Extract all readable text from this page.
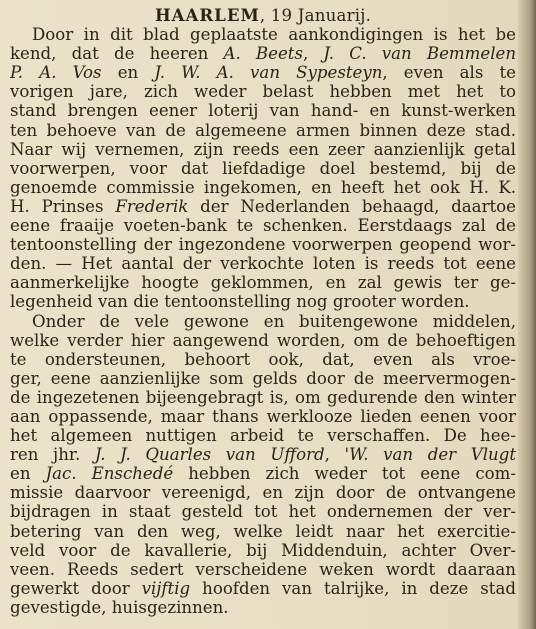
HAARLEM, 19 Januarij.
Door in dit blad geplaatste aankondigingen is het be
kend, dat de heeren A. Beets, J. C. van Bemmelen
P. A. Vos en J. W. A. van Sypesteyn, even als te
vorigen jare, zich weder belast hebben met het to
stand brengen eener loterij van hand- en kunst-werken
ten behoeve van de algemeene armen binnen deze stad.
Naar wij vernemen, zijn reeds een zeer aanzienlijk getal
voorwerpen, voor dat liefdadige doel bestemd, bij de
genoemde commissie ingekomen, en heeft het ook H. K.
H. Prinses Frederik der Nederlanden behaagd, daartoe
eene fraaije voeten-bank te schenken. Eerstdaags zal de
tentoonstelling der ingezondene voorwerpen geopend wor-
den. — Het aantal der verkochte loten is reeds tot eene
aanmerkelijke hoogte geklommen, en zal gewis ter ge-
legenheid van die tentoonstelling nog grooter worden.
Onder de vele gewone en buitengewone middelen,
welke verder hier aangewend worden, om de behoeftigen
te ondersteunen, behoort ook, dat, even als vroe-
ger, eene aanzienlijke som gelds door de meervermogen-
de ingezetenen bijeengebragt is, om gedurende den winter
aan oppassende, maar thans werklooze lieden eenen voor
het algemeen nuttigen arbeid te verschaffen. De hee-
ren jhr. J. J. Quarles van Ufford, 'W. van der Vlugt
en Jac. Enschedé hebben zich weder tot eene com-
missie daarvoor vereenigd, en zijn door de ontvangene
bijdragen in staat gesteld tot het ondernemen der ver-
betering van den weg, welke leidt naar het exercitie-
veld voor de kavallerie, bij Middenduin, achter Over-
veen. Reeds sedert verscheidene weken wordt daaraan
gewerkt door vijftig hoofden van talrijke, in deze stad
gevestigde, huisgezinnen.
